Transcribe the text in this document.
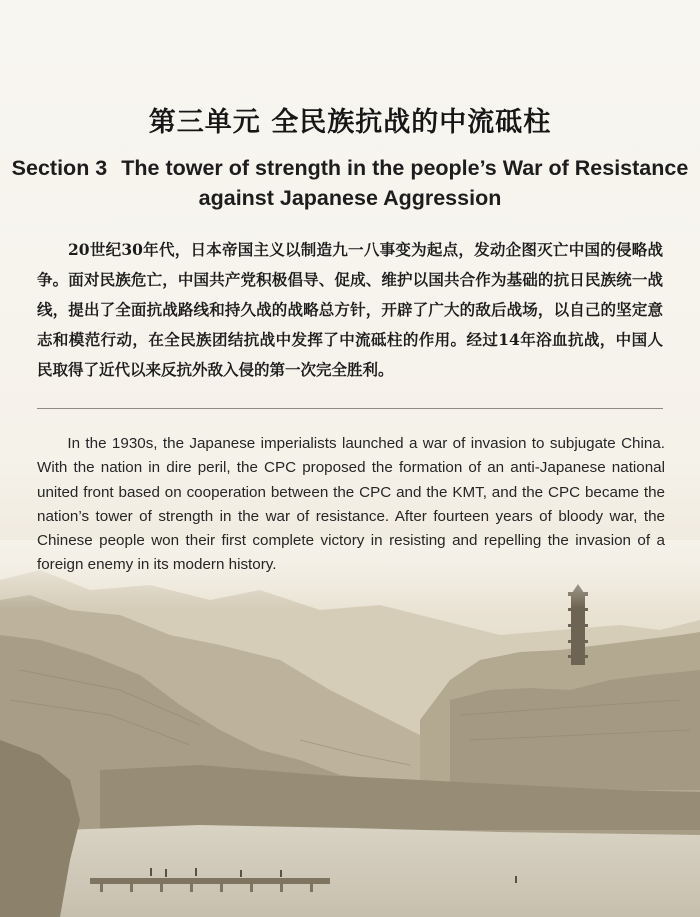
第三单元 全民族抗战的中流砥柱
Section 3 The tower of strength in the people’s War of Resistance against Japanese Aggression

20世纪30年代，日本帝国主义以制造九一八事变为起点，发动企图灭亡中国的侵略战争。面对民族危亡，中国共产党积极倡导、促成、维护以国共合作为基础的抗日民族统一战线，提出了全面抗战路线和持久战的战略总方针，开辟了广大的敌后战场，以自己的坚定意志和模范行动，在全民族团结抗战中发挥了中流砥柱的作用。经过14年浴血抗战，中国人民取得了近代以来反抗外敌入侵的第一次完全胜利。

In the 1930s, the Japanese imperialists launched a war of invasion to subjugate China. With the nation in dire peril, the CPC proposed the formation of an anti-Japanese national united front based on cooperation between the CPC and the KMT, and the CPC became the nation’s tower of strength in the war of resistance. After fourteen years of bloody war, the Chinese people won their first complete victory in resisting and repelling the invasion of a foreign enemy in its modern history.
